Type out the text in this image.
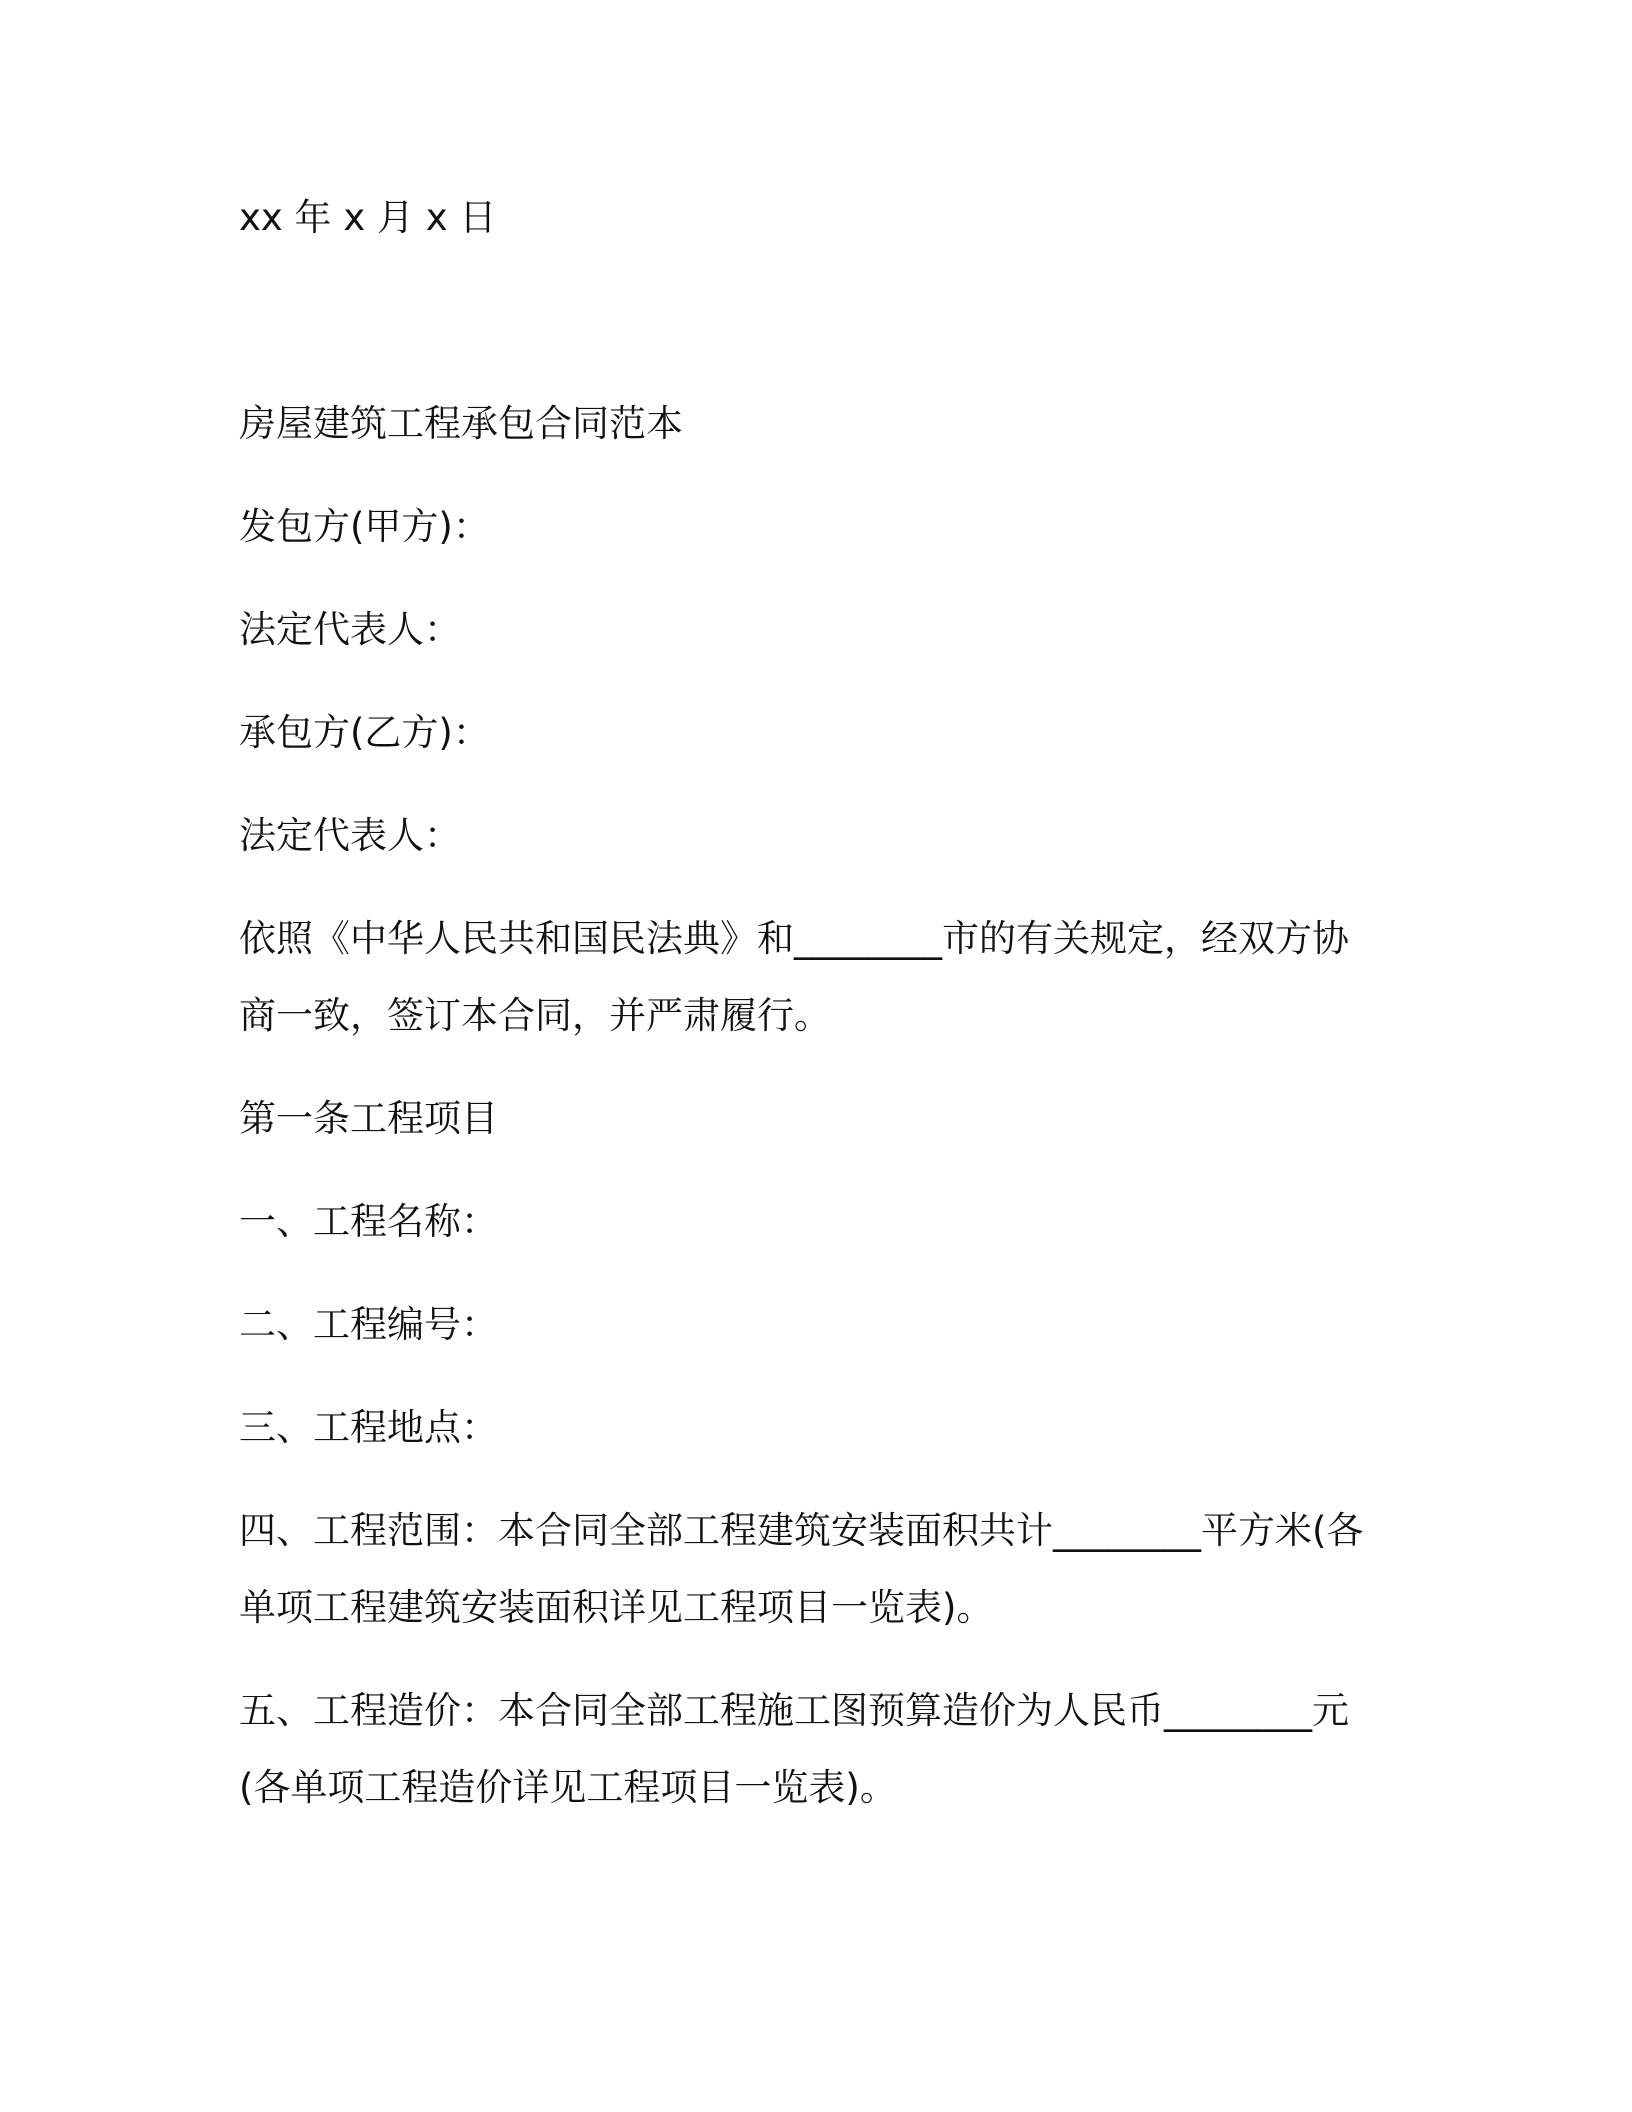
xx 年 x 月 x 日
房屋建筑工程承包合同范本
发包方(甲方)：
法定代表人：
承包方(乙方)：
法定代表人：
依照《中华人民共和国民法典》和________市的有关规定，经双方协
商一致，签订本合同，并严肃履行。
第一条工程项目
一、工程名称：
二、工程编号：
三、工程地点：
四、工程范围：本合同全部工程建筑安装面积共计________平方米(各
单项工程建筑安装面积详见工程项目一览表)。
五、工程造价：本合同全部工程施工图预算造价为人民币________元
(各单项工程造价详见工程项目一览表)。
